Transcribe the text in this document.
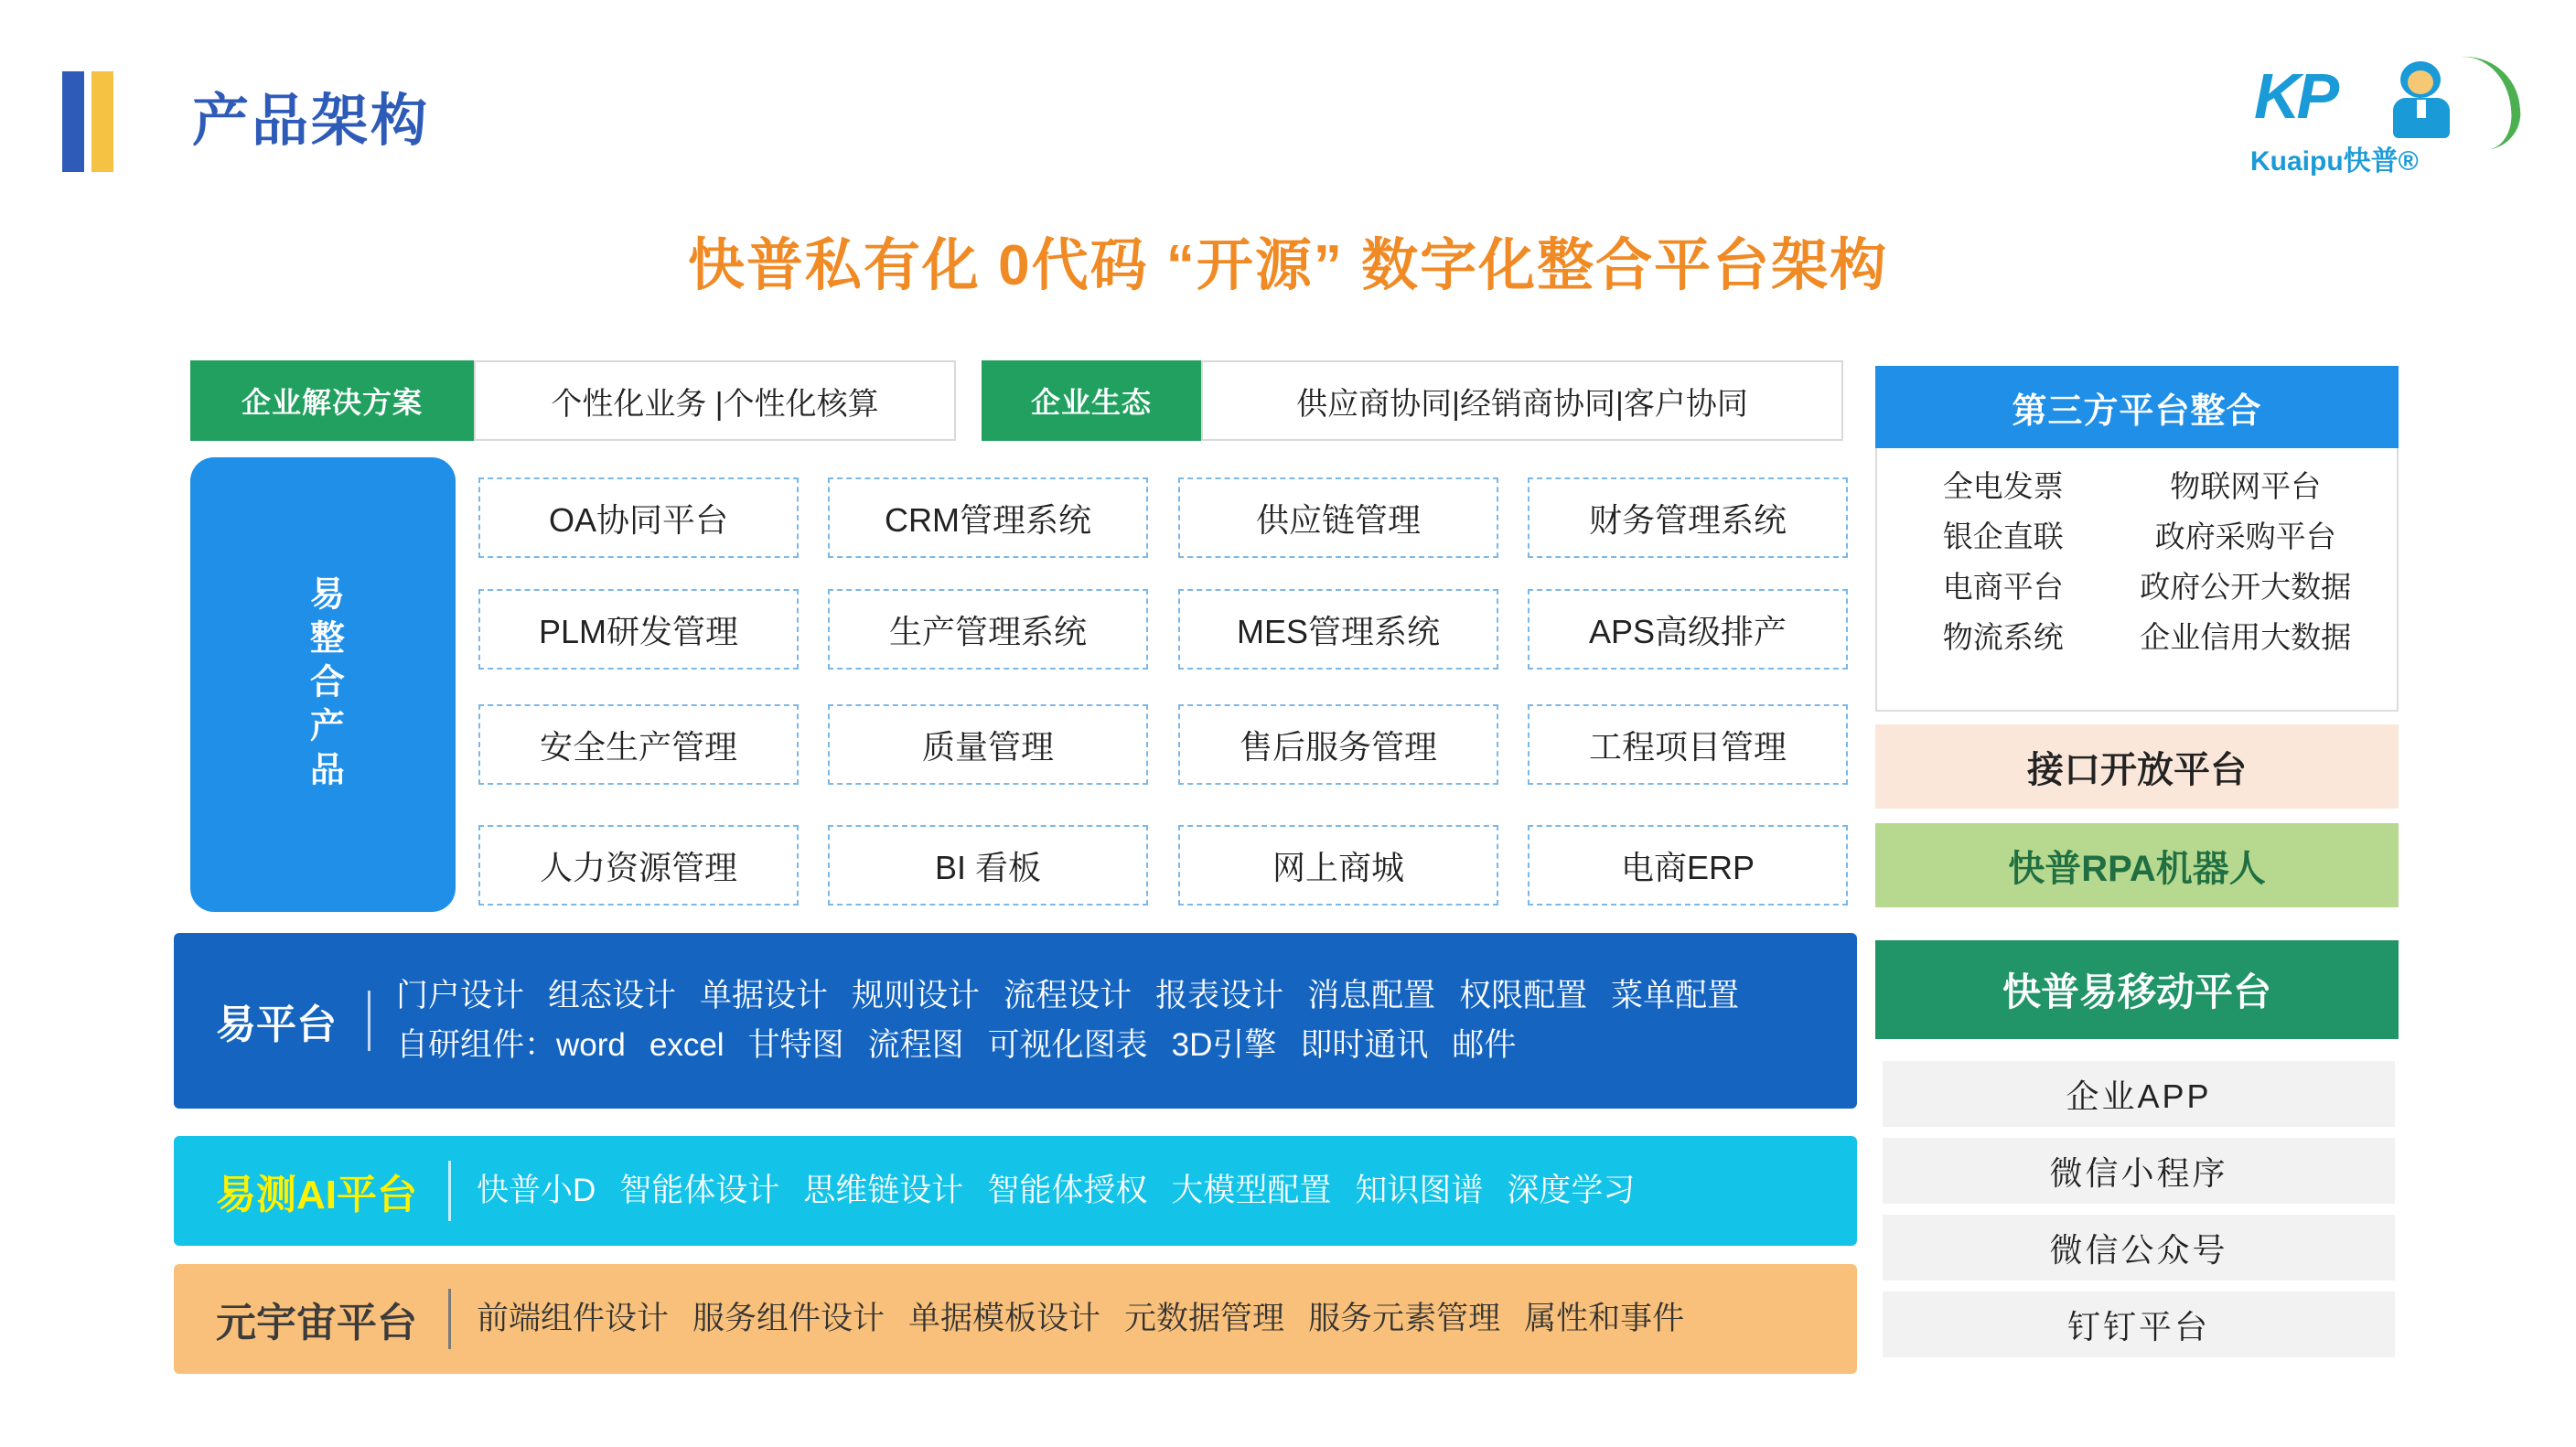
产品架构	KP
Kuaipu快普®
快普私有化 0代码 “开源” 数字化整合平台架构
企业解决方案	个性化业务 |个性化核算	企业生态	供应商协同|经销商协同|客户协同
易整合产品
OA协同平台	CRM管理系统	供应链管理	财务管理系统
PLM研发管理	生产管理系统	MES管理系统	APS高级排产
安全生产管理	质量管理	售后服务管理	工程项目管理
人力资源管理	BI 看板	网上商城	电商ERP
第三方平台整合
全电发票	物联网平台
银企直联	政府采购平台
电商平台	政府公开大数据
物流系统	企业信用大数据
接口开放平台
快普RPA机器人
快普易移动平台
企业APP
微信小程序
微信公众号
钉钉平台
易平台
门户设计 组态设计 单据设计 规则设计 流程设计 报表设计 消息配置 权限配置 菜单配置
自研组件：word excel 甘特图 流程图 可视化图表 3D引擎 即时通讯 邮件
易测AI平台	快普小D 智能体设计 思维链设计 智能体授权 大模型配置 知识图谱 深度学习
元宇宙平台	前端组件设计 服务组件设计 单据模板设计 元数据管理 服务元素管理 属性和事件
